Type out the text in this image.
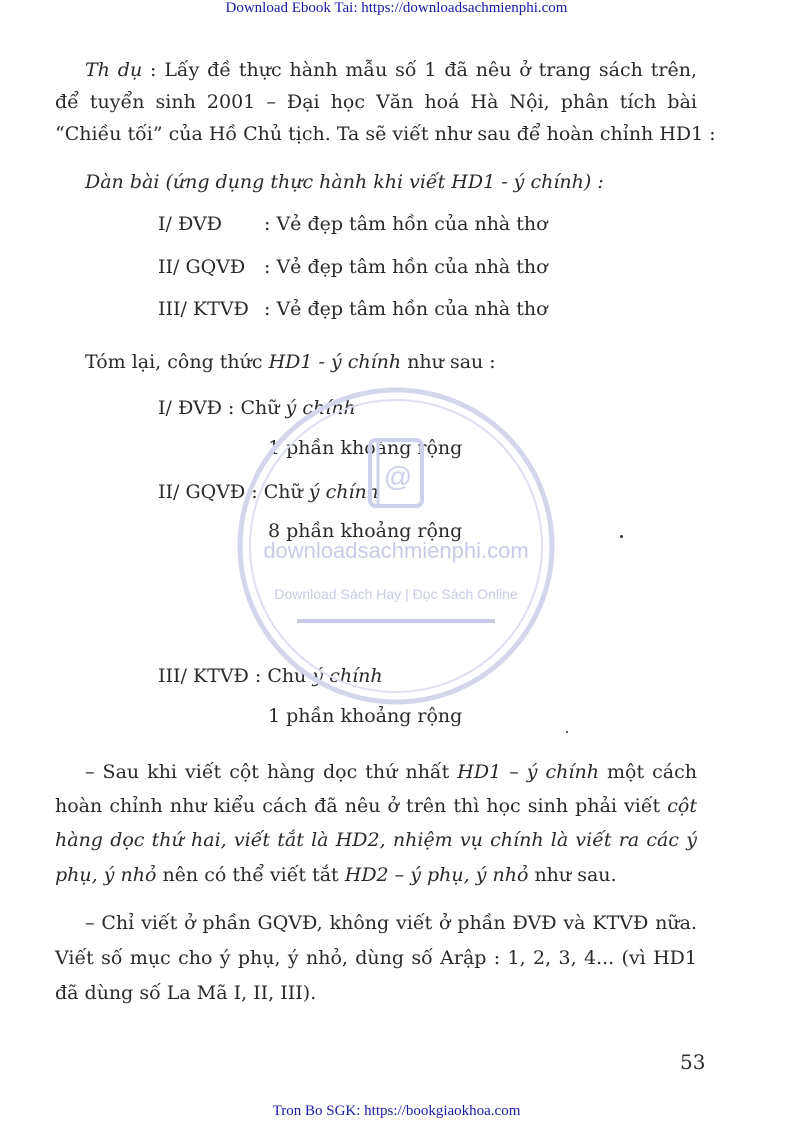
Download Ebook Tai: https://downloadsachmienphi.com
Th dụ : Lấy đề thực hành mẫu số 1 đã nêu ở trang sách trên,
để tuyển sinh 2001 – Đại học Văn hoá Hà Nội, phân tích bài
“Chiều tối” của Hồ Chủ tịch. Ta sẽ viết như sau để hoàn chỉnh HD1 :
Dàn bài (ứng dụng thực hành khi viết HD1 - ý chính) :
I/ ĐVĐ : Vẻ đẹp tâm hồn của nhà thơ
II/ GQVĐ : Vẻ đẹp tâm hồn của nhà thơ
III/ KTVĐ : Vẻ đẹp tâm hồn của nhà thơ
Tóm lại, công thức HD1 - ý chính như sau :
I/ ĐVĐ : Chữ ý chính
1 phần khoảng rộng
II/ GQVĐ : Chữ ý chính
8 phần khoảng rộng
III/ KTVĐ : Chữ ý chính
1 phần khoảng rộng
– Sau khi viết cột hàng dọc thứ nhất HD1 – ý chính một cách
hoàn chỉnh như kiểu cách đã nêu ở trên thì học sinh phải viết cột
hàng dọc thứ hai, viết tắt là HD2, nhiệm vụ chính là viết ra các ý
phụ, ý nhỏ nên có thể viết tắt HD2 – ý phụ, ý nhỏ như sau.
– Chỉ viết ở phần GQVĐ, không viết ở phần ĐVĐ và KTVĐ nữa.
Viết số mục cho ý phụ, ý nhỏ, dùng số Arập : 1, 2, 3, 4... (vì HD1
đã dùng số La Mã I, II, III).
53
Tron Bo SGK: https://bookgiaokhoa.com
@
downloadsachmienphi.com
Download Sách Hay | Đọc Sách Online
